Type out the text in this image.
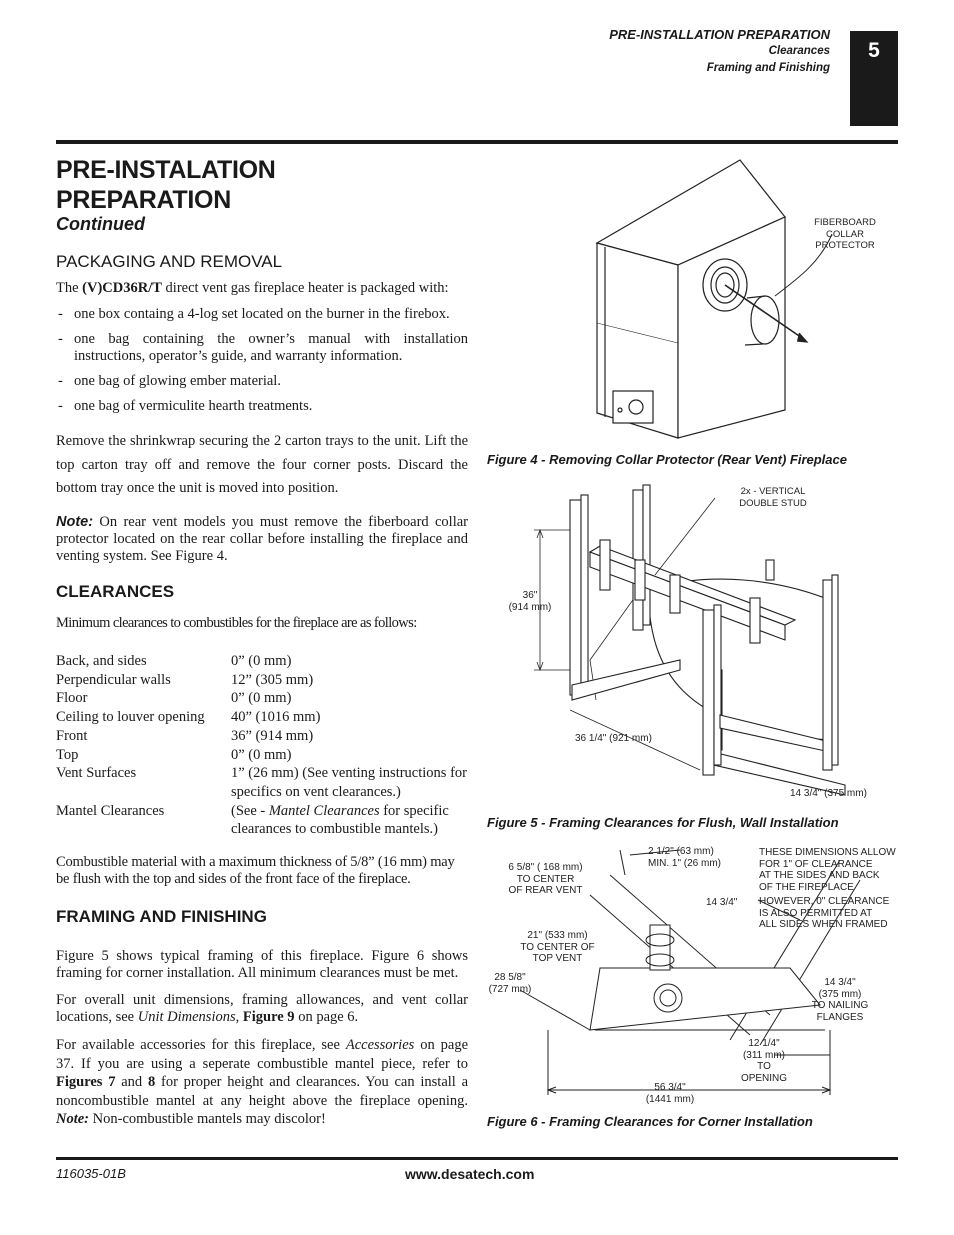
PRE-INSTALLATION PREPARATION
Clearances
Framing and Finishing
5
PRE-INSTALATION
PREPARATION
Continued
PACKAGING AND REMOVAL

The (V)CD36R/T direct vent gas fireplace heater is packaged with:

- one box containg a 4-log set located on the burner in the firebox.
- one bag containing the owner’s manual with installation instructions, operator’s guide, and warranty information.
- one bag of glowing ember material.
- one bag of vermiculite hearth treatments.

Remove the shrinkwrap securing the 2 carton trays to the unit. Lift the top carton tray off and remove the four corner posts. Discard the bottom tray once the unit is moved into position.

Note: On rear vent models you must remove the fiberboard collar protector located on the rear collar before installing the fireplace and venting system. See Figure 4.

CLEARANCES
Minimum clearances to combustibles for the fireplace are as follows:
Back, and sides	0” (0 mm)
Perpendicular walls	12” (305 mm)
Floor	0” (0 mm)
Ceiling to louver opening	40” (1016 mm)
Front	36” (914 mm)
Top	0” (0 mm)
Vent Surfaces	1” (26 mm) (See venting instructions for specifics on vent clearances.)
Mantel Clearances	(See - Mantel Clearances for specific clearances to combustible mantels.)
Combustible material with a maximum thickness of 5/8” (16 mm) may be flush with the top and sides of the front face of the fireplace.
FRAMING AND FINISHING

Figure 5 shows typical framing of this fireplace. Figure 6 shows framing for corner installation. All minimum clearances must be met.

For overall unit dimensions, framing allowances, and vent collar locations, see Unit Dimensions, Figure 9 on page 6.

For available accessories for this fireplace, see Accessories on page 37. If you are using a seperate combustible mantel piece, refer to Figures 7 and 8 for proper height and clearances. You can install a noncombustible mantel at any height above the fireplace opening. Note: Non-combustible mantels may discolor!

FIBERBOARD
COLLAR PROTECTOR
Figure 4 - Removing Collar Protector (Rear Vent) Fireplace
2x - VERTICAL
DOUBLE STUD
36"
(914 mm)
36 1/4" (921 mm)
14 3/4" (375 mm)
Figure 5 - Framing Clearances for Flush, Wall Installation
6 5/8" ( 168 mm)
TO CENTER
OF REAR VENT
2 1/2" (63 mm)
MIN. 1" (26 mm)
THESE DIMENSIONS ALLOW
FOR 1" OF CLEARANCE
AT THE SIDES AND BACK
OF THE FIREPLACE
HOWEVER, 0" CLEARANCE
IS ALSO PERMITTED AT
ALL SIDES WHEN FRAMED
14 3/4"
21" (533 mm)
TO CENTER OF
TOP VENT
28 5/8"
(727 mm)
14 3/4"
(375 mm)
TO NAILING
FLANGES
12 1/4"
(311 mm)
TO
OPENING
56 3/4"
(1441 mm)
Figure 6 - Framing Clearances for Corner Installation
116035-01B	www.desatech.com
